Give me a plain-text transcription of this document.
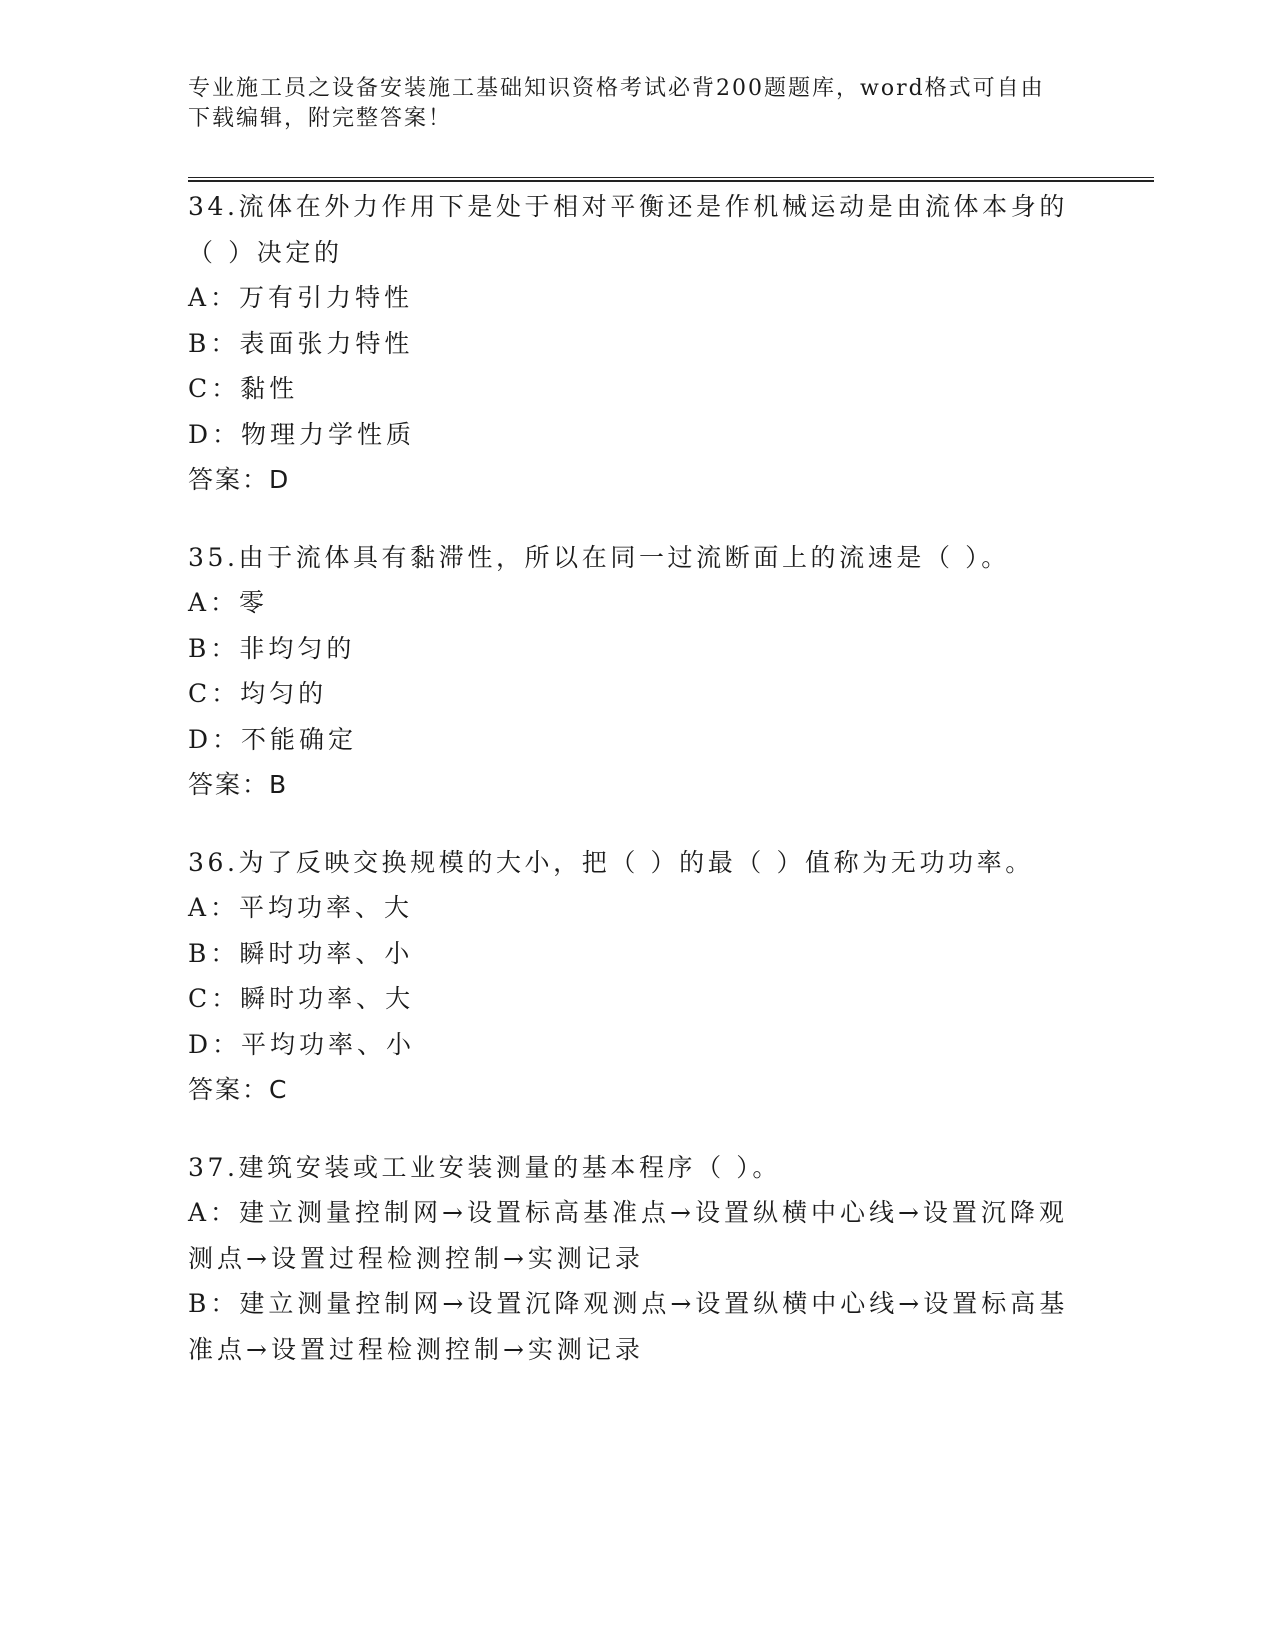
专业施工员之设备安装施工基础知识资格考试必背200题题库，word格式可自由下载编辑，附完整答案！
34.流体在外力作用下是处于相对平衡还是作机械运动是由流体本身的（ ）决定的
A：万有引力特性
B：表面张力特性
C：黏性
D：物理力学性质
答案：D
35.由于流体具有黏滞性，所以在同一过流断面上的流速是（ ）。
A：零
B：非均匀的
C：均匀的
D：不能确定
答案：B
36.为了反映交换规模的大小，把（ ）的最（ ）值称为无功功率。
A：平均功率、大
B：瞬时功率、小
C：瞬时功率、大
D：平均功率、小
答案：C
37.建筑安装或工业安装测量的基本程序（ ）。
A：建立测量控制网→设置标高基准点→设置纵横中心线→设置沉降观测点→设置过程检测控制→实测记录
B：建立测量控制网→设置沉降观测点→设置纵横中心线→设置标高基准点→设置过程检测控制→实测记录
